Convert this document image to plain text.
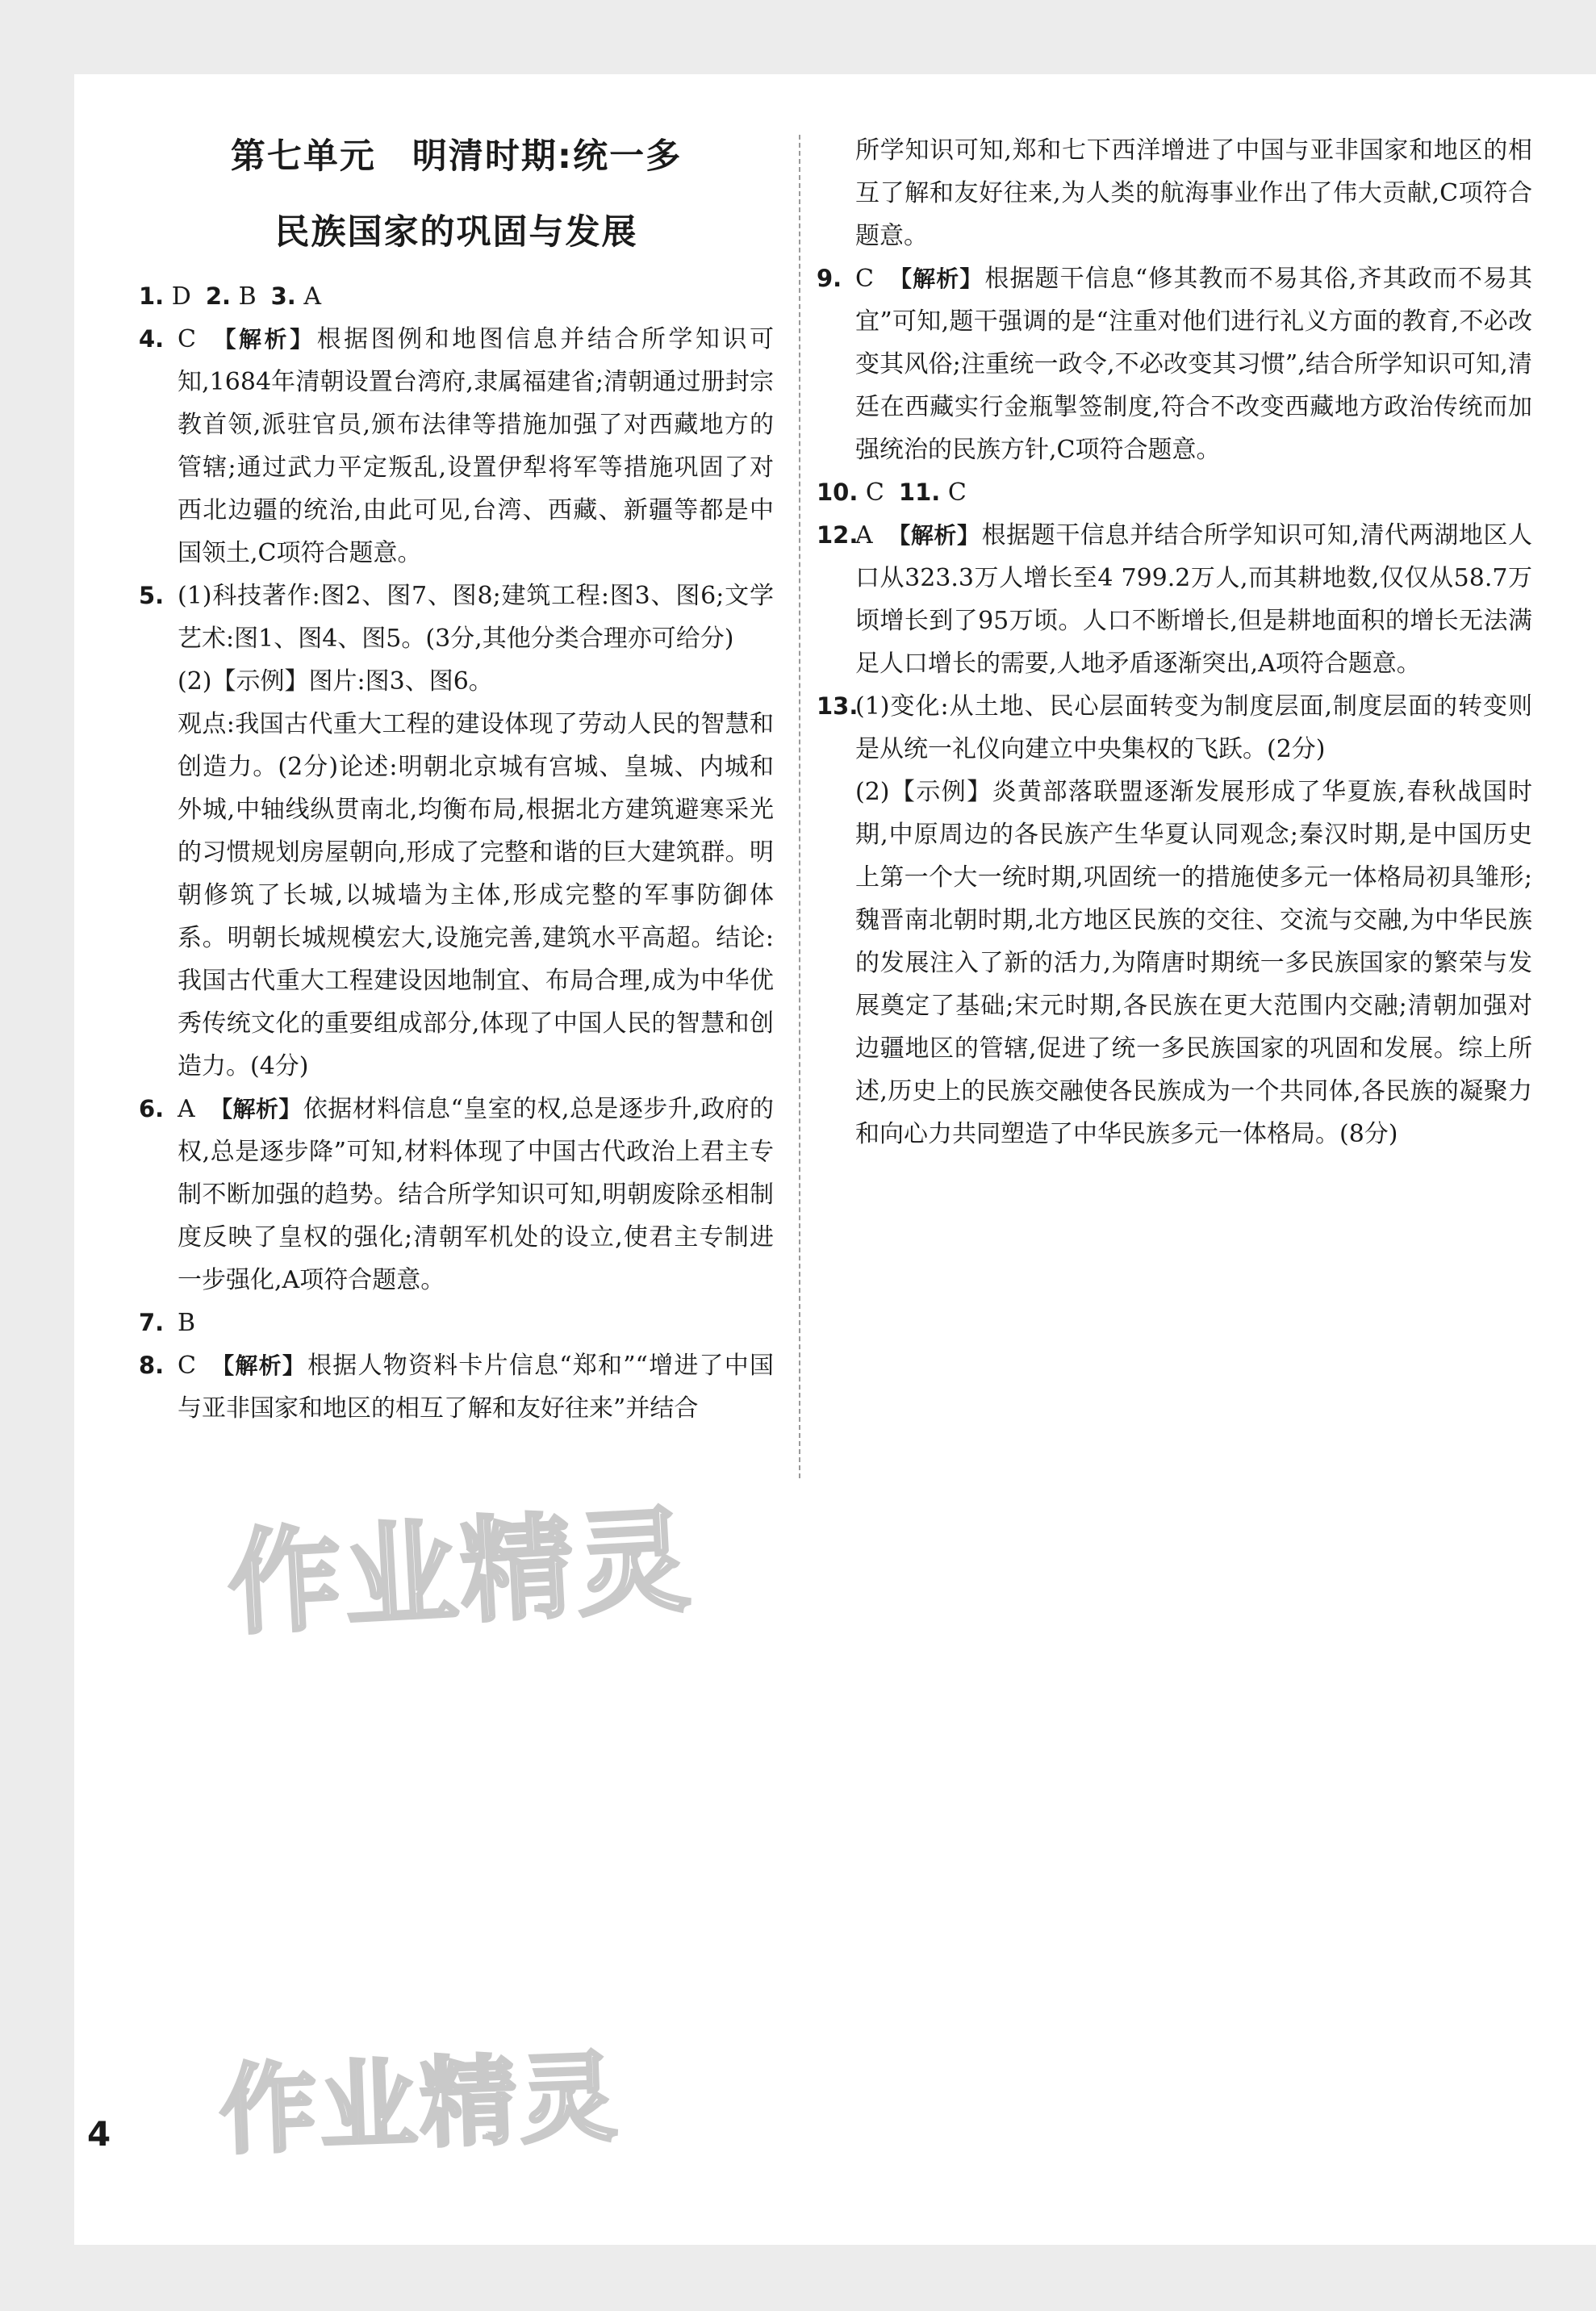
第七单元　明清时期:统一多
民族国家的巩固与发展
1. D 2. B 3. A
4. C 【解析】根据图例和地图信息并结合所学知识可知,1684年清朝设置台湾府,隶属福建省;清朝通过册封宗教首领,派驻官员,颁布法律等措施加强了对西藏地方的管辖;通过武力平定叛乱,设置伊犁将军等措施巩固了对西北边疆的统治,由此可见,台湾、西藏、新疆等都是中国领土,C项符合题意。
5. (1)科技著作:图2、图7、图8;建筑工程:图3、图6;文学艺术:图1、图4、图5。(3分,其他分类合理亦可给分)
(2)【示例】图片:图3、图6。
观点:我国古代重大工程的建设体现了劳动人民的智慧和创造力。(2分)论述:明朝北京城有宫城、皇城、内城和外城,中轴线纵贯南北,均衡布局,根据北方建筑避寒采光的习惯规划房屋朝向,形成了完整和谐的巨大建筑群。明朝修筑了长城,以城墙为主体,形成完整的军事防御体系。明朝长城规模宏大,设施完善,建筑水平高超。结论:我国古代重大工程建设因地制宜、布局合理,成为中华优秀传统文化的重要组成部分,体现了中国人民的智慧和创造力。(4分)
6. A 【解析】依据材料信息“皇室的权,总是逐步升,政府的权,总是逐步降”可知,材料体现了中国古代政治上君主专制不断加强的趋势。结合所学知识可知,明朝废除丞相制度反映了皇权的强化;清朝军机处的设立,使君主专制进一步强化,A项符合题意。
7. B
8. C 【解析】根据人物资料卡片信息“郑和”“增进了中国与亚非国家和地区的相互了解和友好往来”并结合
所学知识可知,郑和七下西洋增进了中国与亚非国家和地区的相互了解和友好往来,为人类的航海事业作出了伟大贡献,C项符合题意。
9. C 【解析】根据题干信息“修其教而不易其俗,齐其政而不易其宜”可知,题干强调的是“注重对他们进行礼义方面的教育,不必改变其风俗;注重统一政令,不必改变其习惯”,结合所学知识可知,清廷在西藏实行金瓶掣签制度,符合不改变西藏地方政治传统而加强统治的民族方针,C项符合题意。
10. C 11. C
12.
A 【解析】根据题干信息并结合所学知识可知,清代两湖地区人口从323.3万人增长至4 799.2万人,而其耕地数,仅仅从58.7万顷增长到了95万顷。人口不断增长,但是耕地面积的增长无法满足人口增长的需要,人地矛盾逐渐突出,A项符合题意。
13.
(1)变化:从土地、民心层面转变为制度层面,制度层面的转变则是从统一礼仪向建立中央集权的飞跃。(2分)
(2)【示例】炎黄部落联盟逐渐发展形成了华夏族,春秋战国时期,中原周边的各民族产生华夏认同观念;秦汉时期,是中国历史上第一个大一统时期,巩固统一的措施使多元一体格局初具雏形;魏晋南北朝时期,北方地区民族的交往、交流与交融,为中华民族的发展注入了新的活力,为隋唐时期统一多民族国家的繁荣与发展奠定了基础;宋元时期,各民族在更大范围内交融;清朝加强对边疆地区的管辖,促进了统一多民族国家的巩固和发展。综上所述,历史上的民族交融使各民族成为一个共同体,各民族的凝聚力和向心力共同塑造了中华民族多元一体格局。(8分)
作业精灵
作业精灵
4
